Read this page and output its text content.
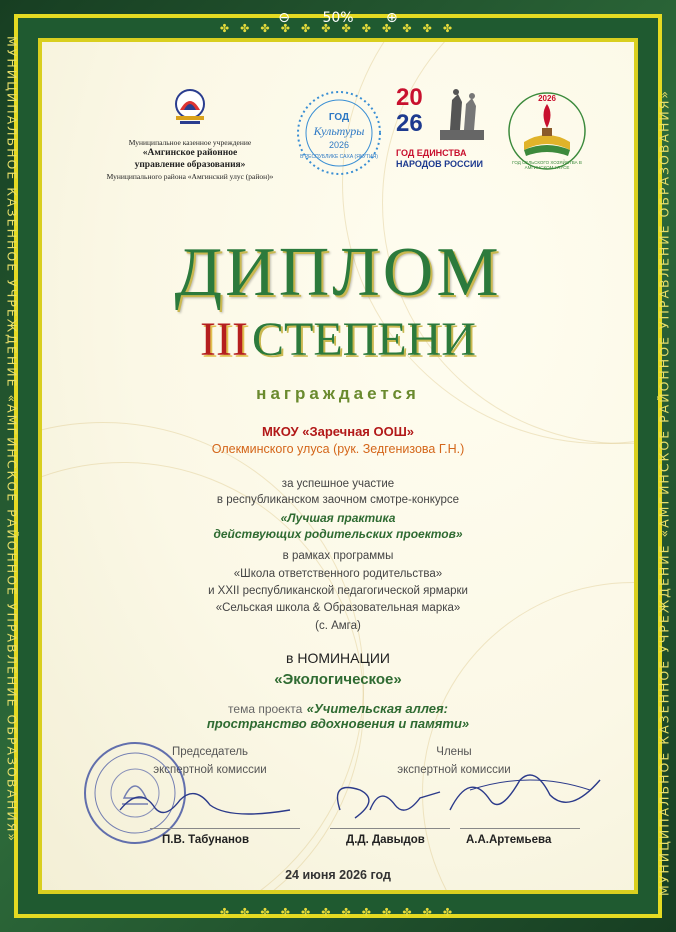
⊖ 50% ⊕
✤ ✤ ✤ ✤ ✤ ✤ ✤ ✤ ✤ ✤ ✤ ✤
✤ ✤ ✤ ✤ ✤ ✤ ✤ ✤ ✤ ✤ ✤ ✤
МУНИЦИПАЛЬНОЕ КАЗЕННОЕ УЧРЕЖДЕНИЕ «АМГИНСКОЕ РАЙОННОЕ УПРАВЛЕНИЕ ОБРАЗОВАНИЯ»	МУНИЦИПАЛЬНОЕ КАЗЕННОЕ УЧРЕЖДЕНИЕ «АМГИНСКОЕ РАЙОННОЕ УПРАВЛЕНИЕ ОБРАЗОВАНИЯ»
Муниципальное казенное учреждение
«Амгинское районное
управление образования»
Муниципального района «Амгинский улус (район)»
ГОД
Культуры
2026
В РЕСПУБЛИКЕ САХА (ЯКУТИЯ)
20
26
ГОД ЕДИНСТВА
НАРОДОВ РОССИИ
2026
ГОД СЕЛЬСКОГО ХОЗЯЙСТВА В АМГИНСКОМ УЛУСЕ
ДИПЛОМ
IIIСТЕПЕНИ
награждается
МКОУ «Заречная ООШ»
Олекминского улуса (рук. Зедгенизова Г.Н.)
за успешное участие
в республиканском заочном смотре-конкурсе
«Лучшая практика
действующих родительских проектов»
в рамках программы
«Школа ответственного родительства»
и XXII республиканской педагогической ярмарки
«Сельская школа & Образовательная марка»
(с. Амга)
в НОМИНАЦИИ
«Экологическое»
тема проекта «Учительская аллея:
пространство вдохновения и памяти»
Председатель
экспертной комиссии
Члены
экспертной комиссии
П.В. Табунанов	Д.Д. Давыдов	А.А.Артемьева
24 июня 2026 год
